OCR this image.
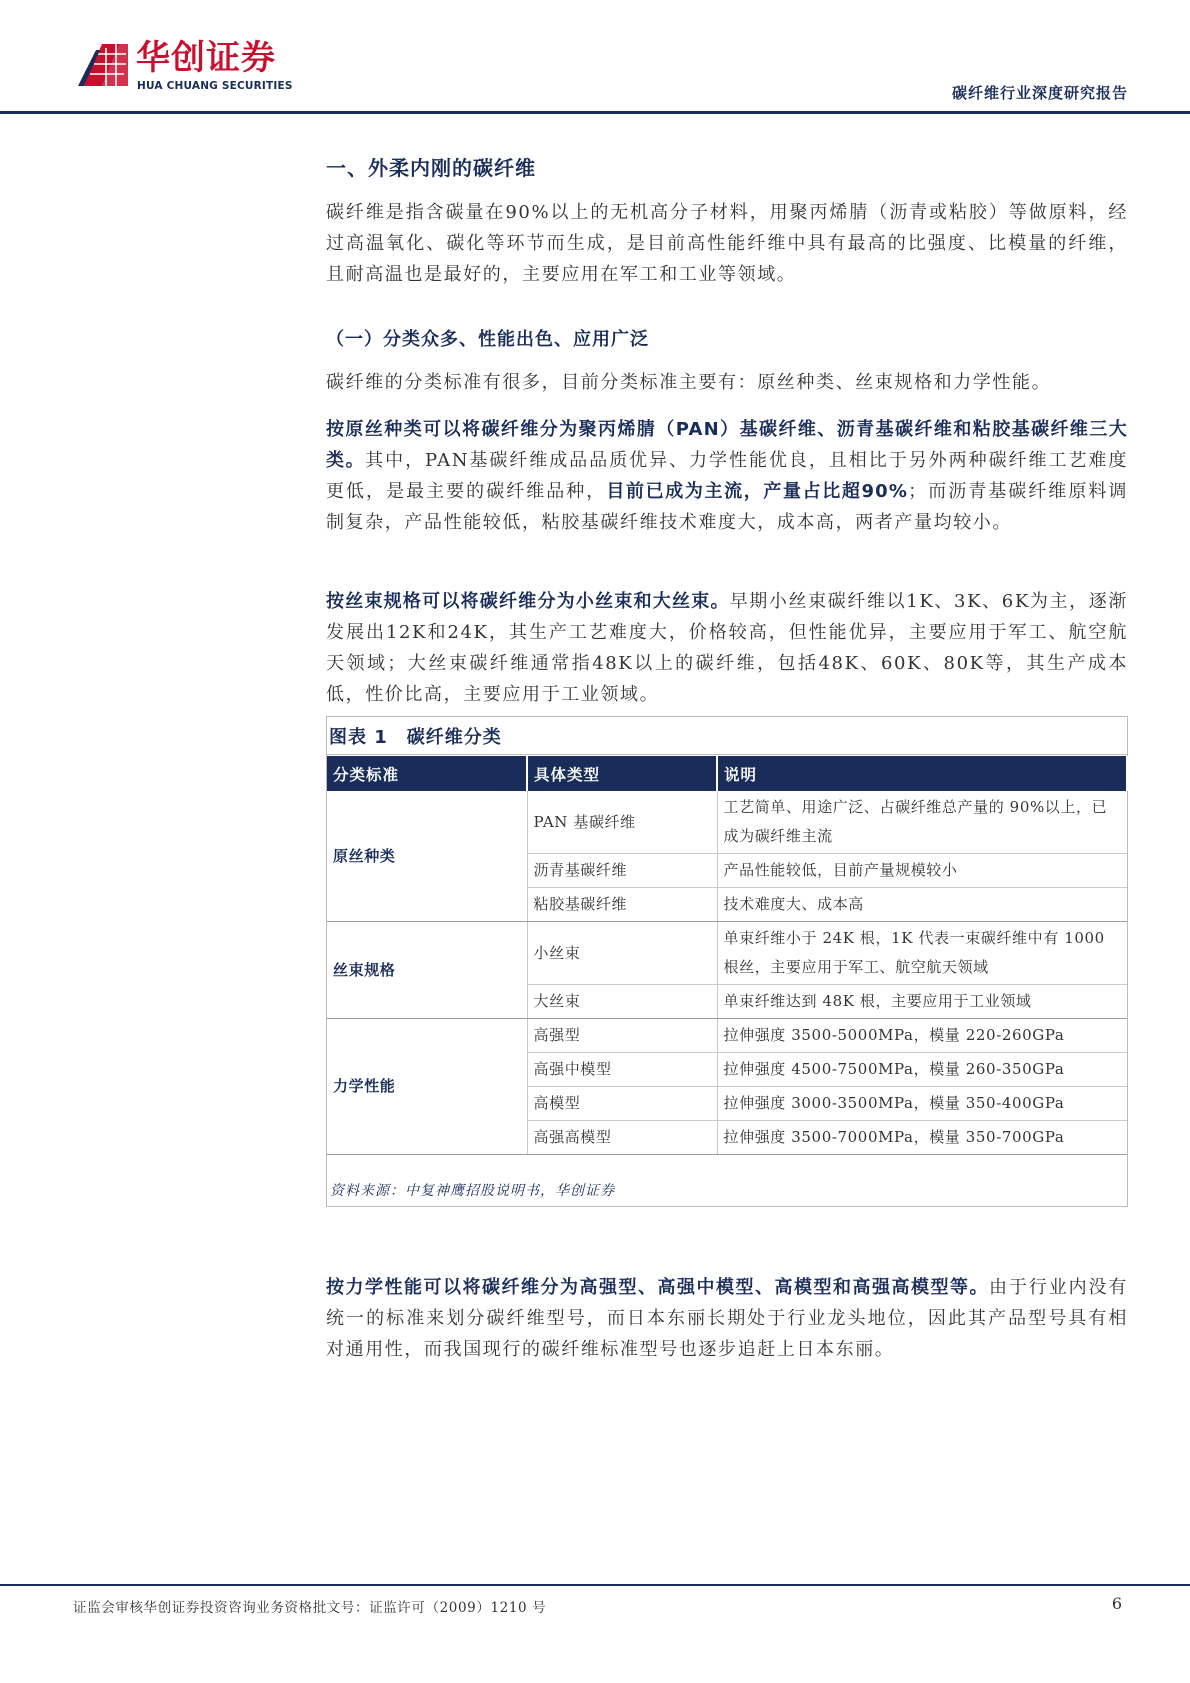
华创证券
HUA CHUANG SECURITIES	碳纤维行业深度研究报告
一、外柔内刚的碳纤维

碳纤维是指含碳量在90%以上的无机高分子材料，用聚丙烯腈（沥青或粘胶）等做原料，经过高温氧化、碳化等环节而生成，是目前高性能纤维中具有最高的比强度、比模量的纤维，且耐高温也是最好的，主要应用在军工和工业等领域。

（一）分类众多、性能出色、应用广泛

碳纤维的分类标准有很多，目前分类标准主要有：原丝种类、丝束规格和力学性能。

按原丝种类可以将碳纤维分为聚丙烯腈（PAN）基碳纤维、沥青基碳纤维和粘胶基碳纤维三大类。其中，PAN基碳纤维成品品质优异、力学性能优良，且相比于另外两种碳纤维工艺难度更低，是最主要的碳纤维品种，目前已成为主流，产量占比超90%；而沥青基碳纤维原料调制复杂，产品性能较低，粘胶基碳纤维技术难度大，成本高，两者产量均较小。

按丝束规格可以将碳纤维分为小丝束和大丝束。早期小丝束碳纤维以1K、3K、6K为主，逐渐发展出12K和24K，其生产工艺难度大，价格较高，但性能优异，主要应用于军工、航空航天领域；大丝束碳纤维通常指48K以上的碳纤维，包括48K、60K、80K等，其生产成本低，性价比高，主要应用于工业领域。

图表 1　碳纤维分类
分类标准	具体类型	说明
原丝种类	PAN 基碳纤维	工艺简单、用途广泛、占碳纤维总产量的 90%以上，已成为碳纤维主流
	沥青基碳纤维	产品性能较低，目前产量规模较小
	粘胶基碳纤维	技术难度大、成本高
丝束规格	小丝束	单束纤维小于 24K 根，1K 代表一束碳纤维中有 1000 根丝，主要应用于军工、航空航天领域
	大丝束	单束纤维达到 48K 根，主要应用于工业领域
力学性能	高强型	拉伸强度 3500-5000MPa，模量 220-260GPa
	高强中模型	拉伸强度 4500-7500MPa，模量 260-350GPa
	高模型	拉伸强度 3000-3500MPa，模量 350-400GPa
	高强高模型	拉伸强度 3500-7000MPa，模量 350-700GPa
资料来源：中复神鹰招股说明书，华创证券

按力学性能可以将碳纤维分为高强型、高强中模型、高模型和高强高模型等。由于行业内没有统一的标准来划分碳纤维型号，而日本东丽长期处于行业龙头地位，因此其产品型号具有相对通用性，而我国现行的碳纤维标准型号也逐步追赶上日本东丽。

证监会审核华创证券投资咨询业务资格批文号：证监许可（2009）1210 号	6
